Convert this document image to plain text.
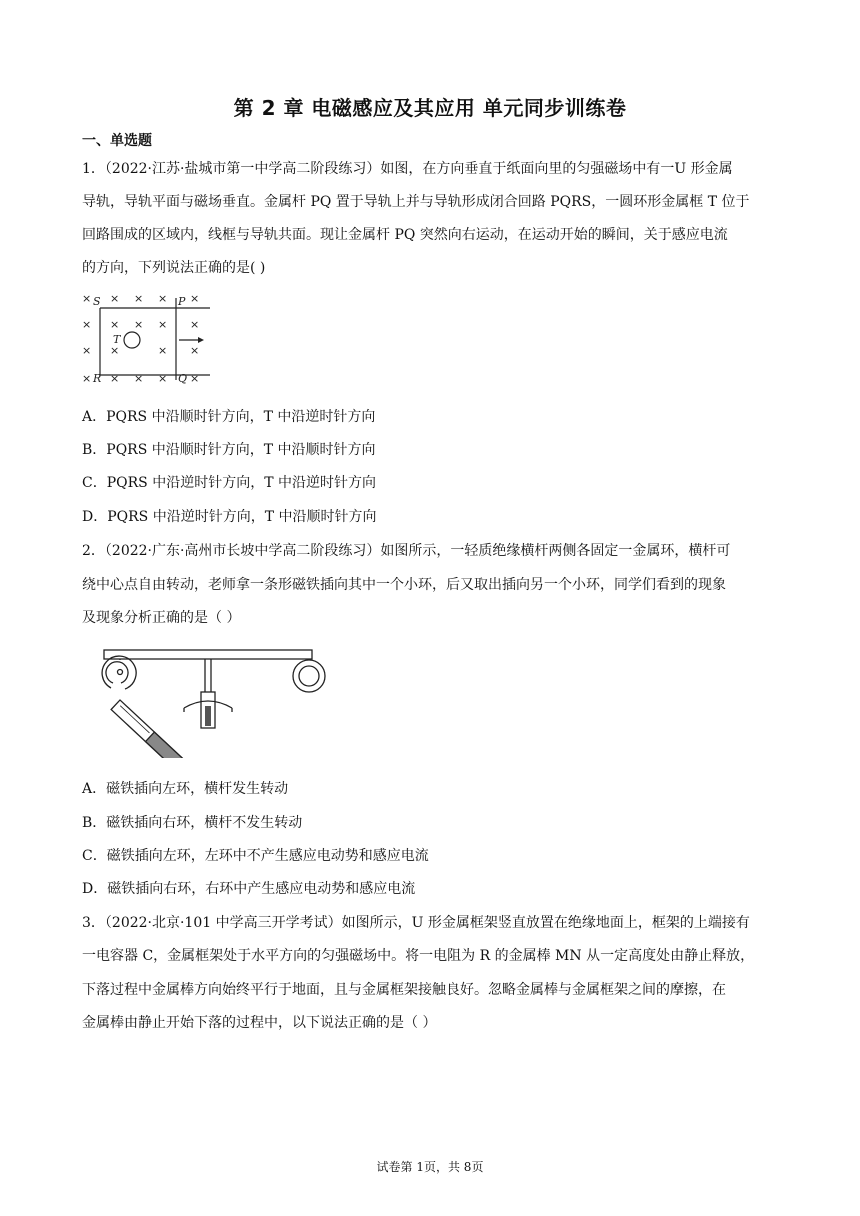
第 2 章 电磁感应及其应用 单元同步训练卷
一、单选题
1．（2022·江苏·盐城市第一中学高二阶段练习）如图，在方向垂直于纸面向里的匀强磁场中有一U 形金属
导轨，导轨平面与磁场垂直。金属杆 PQ 置于导轨上并与导轨形成闭合回路 PQRS，一圆环形金属框 T 位于
回路围成的区域内，线框与导轨共面。现让金属杆 PQ 突然向右运动，在运动开始的瞬间，关于感应电流
的方向，下列说法正确的是( )
× × × × ×
× × × × ×
× ×	× ×
× × × × ×
S	P
T
R	Q
A．PQRS 中沿顺时针方向，T 中沿逆时针方向
B．PQRS 中沿顺时针方向，T 中沿顺时针方向
C．PQRS 中沿逆时针方向，T 中沿逆时针方向
D．PQRS 中沿逆时针方向，T 中沿顺时针方向
2．（2022·广东·高州市长坡中学高二阶段练习）如图所示，一轻质绝缘横杆两侧各固定一金属环，横杆可
绕中心点自由转动，老师拿一条形磁铁插向其中一个小环，后又取出插向另一个小环，同学们看到的现象
及现象分析正确的是（ ）
A．磁铁插向左环，横杆发生转动
B．磁铁插向右环，横杆不发生转动
C．磁铁插向左环，左环中不产生感应电动势和感应电流
D．磁铁插向右环，右环中产生感应电动势和感应电流
3．（2022·北京·101 中学高三开学考试）如图所示，U 形金属框架竖直放置在绝缘地面上，框架的上端接有
一电容器 C，金属框架处于水平方向的匀强磁场中。将一电阻为 R 的金属棒 MN 从一定高度处由静止释放，
下落过程中金属棒方向始终平行于地面，且与金属框架接触良好。忽略金属棒与金属框架之间的摩擦，在
金属棒由静止开始下落的过程中，以下说法正确的是（ ）
试卷第 1页，共 8页
